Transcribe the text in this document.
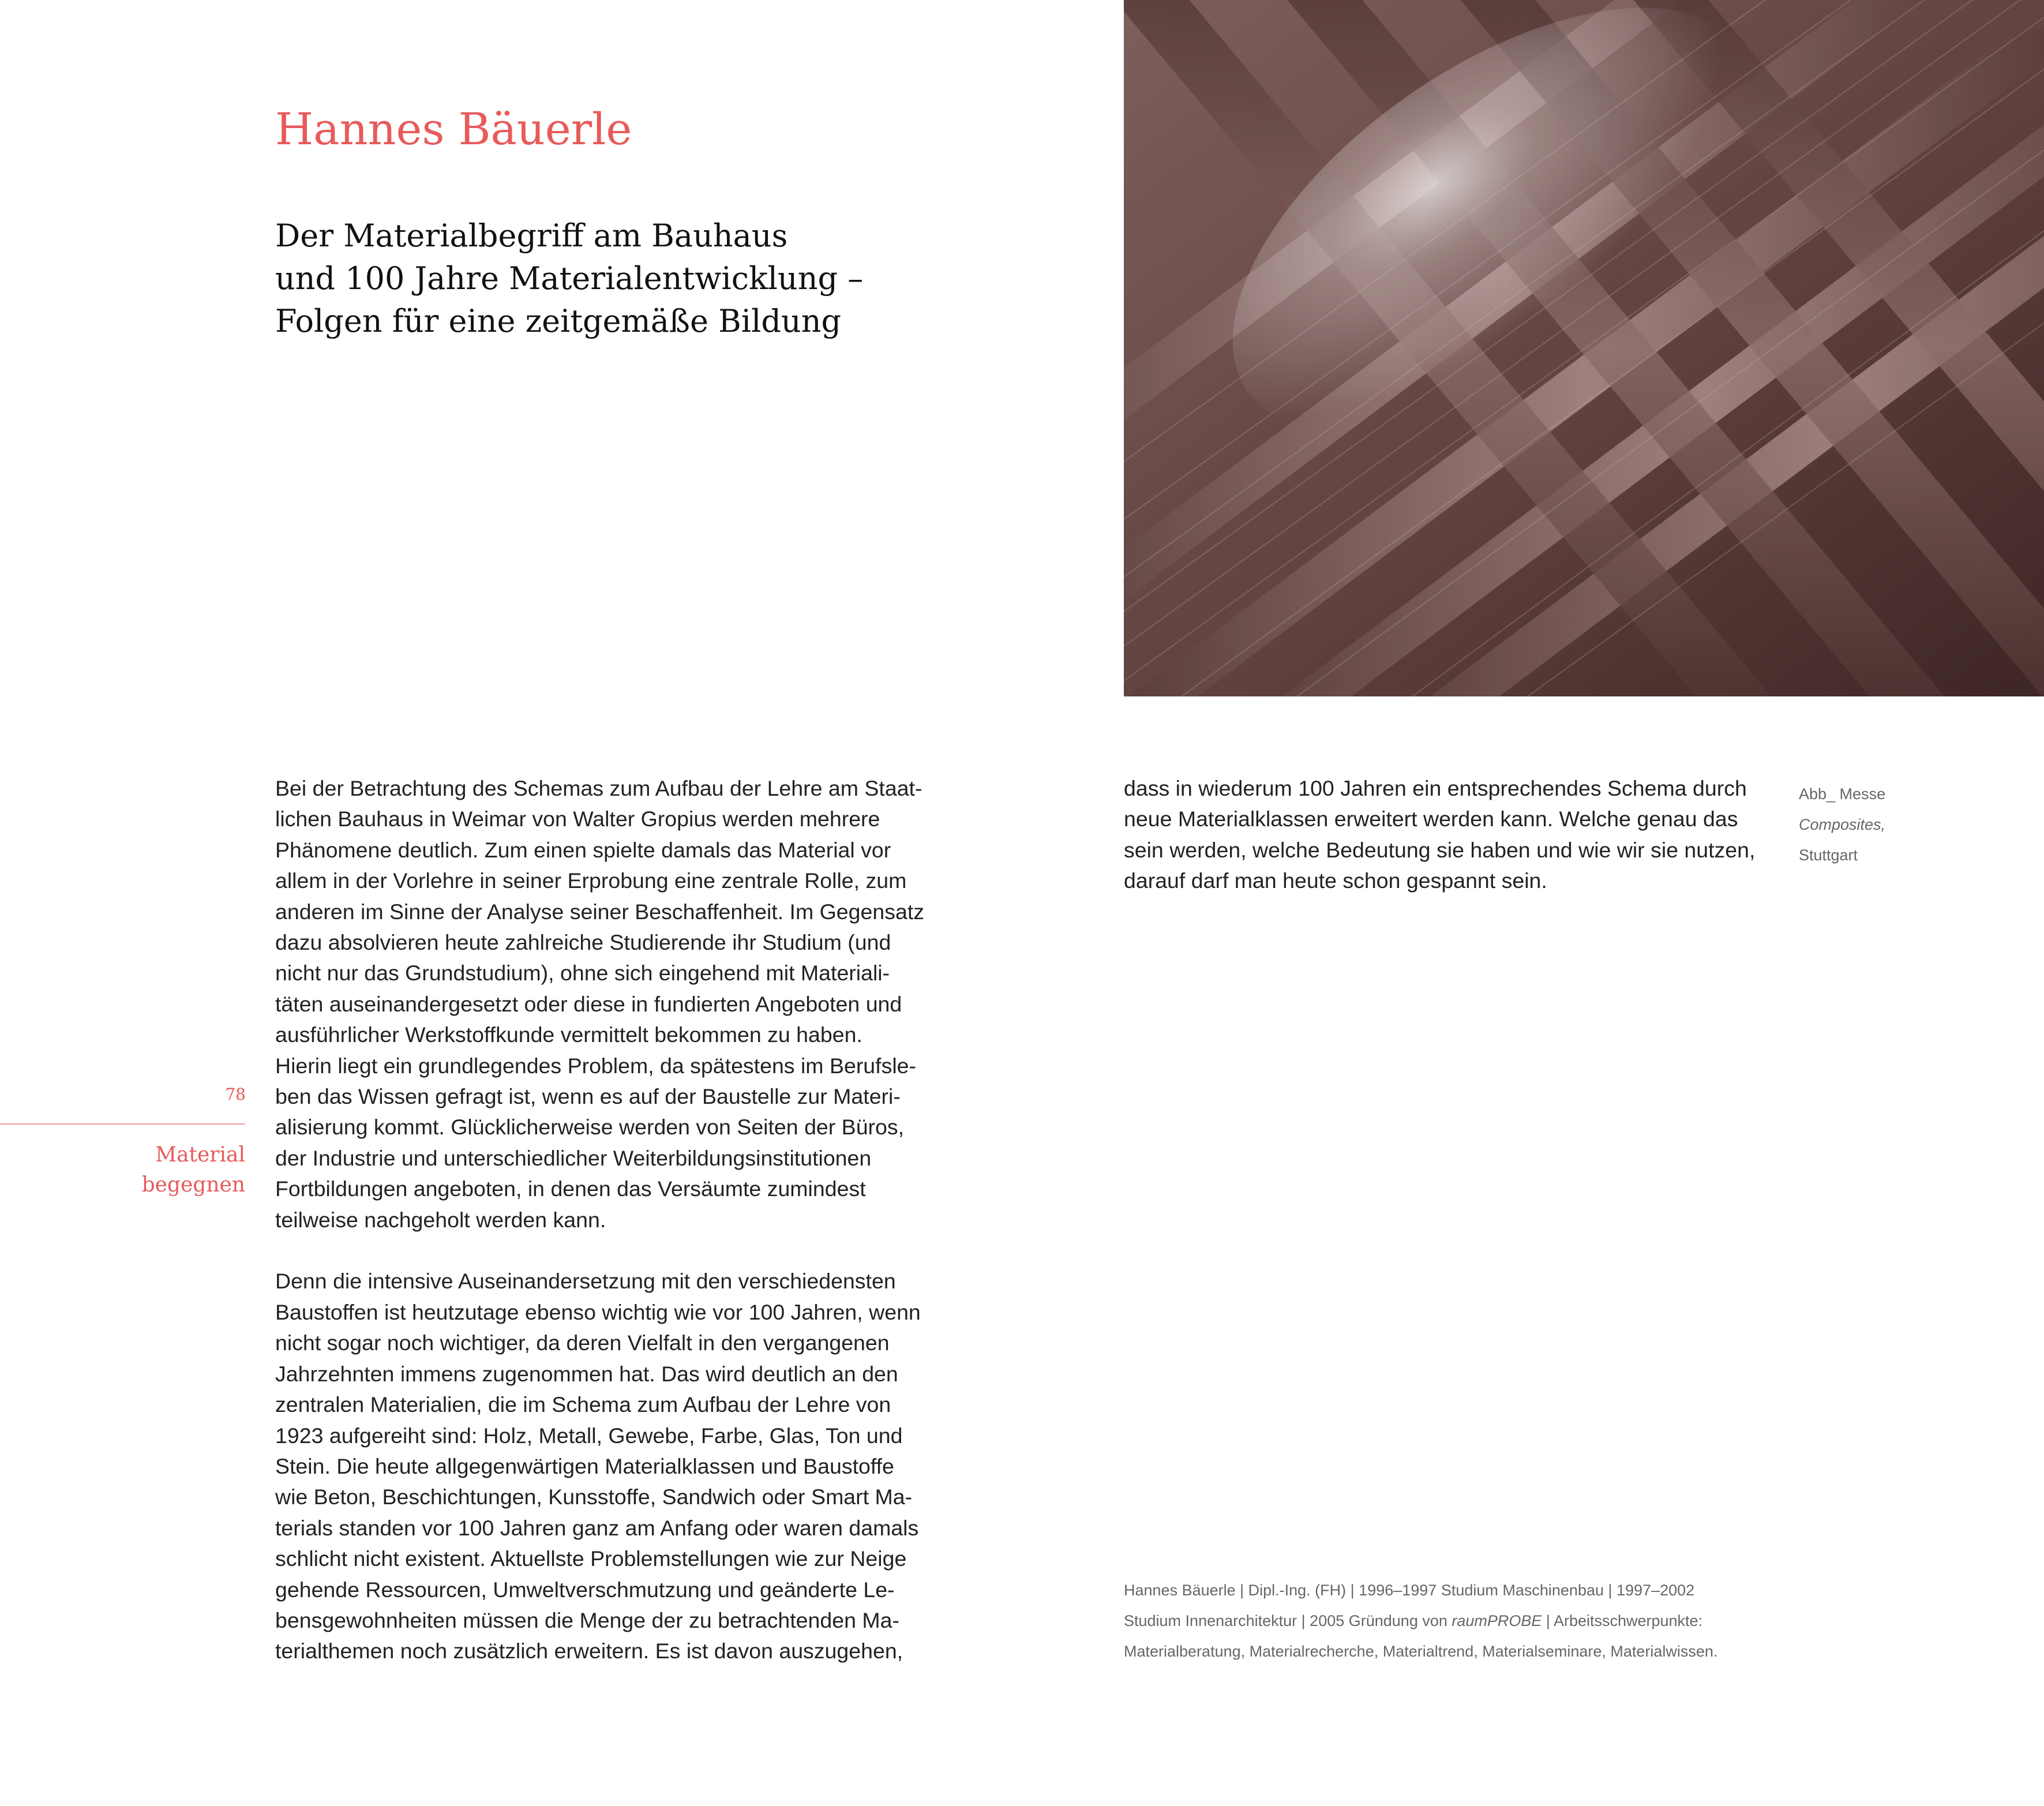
Hannes Bäuerle
Der Materialbegriff am Bauhaus
und 100 Jahre Materialentwicklung –
Folgen für eine zeitgemäße Bildung
78
Material
begegnen

Bei der Betrachtung des Schemas zum Aufbau der Lehre am Staat-
lichen Bauhaus in Weimar von Walter Gropius werden mehrere
Phänomene deutlich. Zum einen spielte damals das Material vor
allem in der Vorlehre in seiner Erprobung eine zentrale Rolle, zum
anderen im Sinne der Analyse seiner Beschaffenheit. Im Gegensatz
dazu absolvieren heute zahlreiche Studierende ihr Studium (und
nicht nur das Grundstudium), ohne sich eingehend mit Materiali-
täten auseinandergesetzt oder diese in fundierten Angeboten und
ausführlicher Werkstoffkunde vermittelt bekommen zu haben.
Hierin liegt ein grundlegendes Problem, da spätestens im Berufsle-
ben das Wissen gefragt ist, wenn es auf der Baustelle zur Materi-
alisierung kommt. Glücklicherweise werden von Seiten der Büros,
der Industrie und unterschiedlicher Weiterbildungsinstitutionen
Fortbildungen angeboten, in denen das Versäumte zumindest
teilweise nachgeholt werden kann.

Denn die intensive Auseinandersetzung mit den verschiedensten
Baustoffen ist heutzutage ebenso wichtig wie vor 100 Jahren, wenn
nicht sogar noch wichtiger, da deren Vielfalt in den vergangenen
Jahrzehnten immens zugenommen hat. Das wird deutlich an den
zentralen Materialien, die im Schema zum Aufbau der Lehre von
1923 aufgereiht sind: Holz, Metall, Gewebe, Farbe, Glas, Ton und
Stein. Die heute allgegenwärtigen Materialklassen und Baustoffe
wie Beton, Beschichtungen, Kunsstoffe, Sandwich oder Smart Ma-
terials standen vor 100 Jahren ganz am Anfang oder waren damals
schlicht nicht existent. Aktuellste Problemstellungen wie zur Neige
gehende Ressourcen, Umweltverschmutzung und geänderte Le-
bensgewohnheiten müssen die Menge der zu betrachtenden Ma-
terialthemen noch zusätzlich erweitern. Es ist davon auszugehen,

dass in wiederum 100 Jahren ein entsprechendes Schema durch
neue Materialklassen erweitert werden kann. Welche genau das
sein werden, welche Bedeutung sie haben und wie wir sie nutzen,
darauf darf man heute schon gespannt sein.
Abb_ Messe
Composites,
Stuttgart
Hannes Bäuerle | Dipl.-Ing. (FH) | 1996–1997 Studium Maschinenbau | 1997–2002
Studium Innenarchitektur | 2005 Gründung von raumPROBE | Arbeitsschwerpunkte:
Materialberatung, Materialrecherche, Materialtrend, Materialseminare, Materialwissen.
